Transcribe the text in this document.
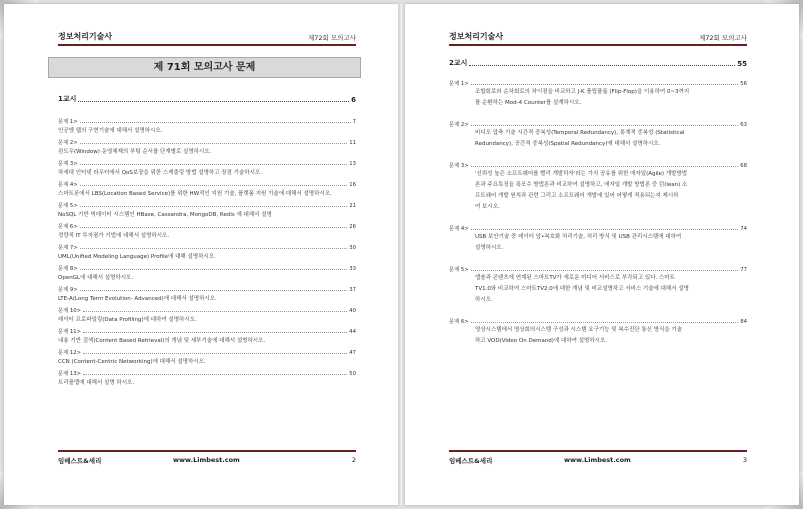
정보처리기술사	제72회 모의고사
제 71회 모의고사 문제
1교시	6
문제 1>	7
인공엠 웹의 구현기술에 대해서 설명하시오.
문제 2>	11
윈도우(Window) 운영체제의 부팅 순서를 단계별로 설명하시오.
문제 3>	13
차세대 인터넷 라우터에서 QoS보장을 위한 스케줄링 방법 설명하고 장점 기술하시오.
문제 4>	16
스마트폰에서 LBS(Location Based Service)를 위한 HW적인 지원 기술, 플랫폼 지원 기술에 대해서 설명하시오.
문제 5>	21
NoSQL 기반 빅데이터 시스템인 HBase, Cassandra, MongoDB, Redis 에 대해서 설명
문제 6>	26
정량적 IT 투자평가 기법에 대해서 설명하시오.
문제 7>	30
UML(Unified Modeling Language) Profile에 대해 설명하시오.
문제 8>	33
OpenGL에 대해서 설명하시오.
문제 9>	37
LTE-A(Long Term Evolution- Advanced)에 대해서 설명하시오.
문제 10>	40
데이터 프로파일링(Data Profiling)에 대하여 설명하시오.
문제 11>	44
내용 기반 검색(Content Based Retrieval)의 개념 및 세부기술에 대해서 설명하시오.
문제 12>	47
CCN (Content-Centric Networking)에 대해서 설명하시오.
문제 13>	50
트리플맵에 대해서 설명 하시오.
임베스트&세리	www.Limbest.com	2
정보처리기술사	제72회 모의고사
2교시	55
문제 1>	56
조합회로와 순차회로의 차이점을 비교하고 J-K 플립플롭 (Flip-Flop)을 이용하여 0~3까지
를 순환하는 Mod-4 Counter를 설계하시오.
문제 2>	63
비디오 압축 기술 시간적 중복성(Temporal Redundancy), 통계적 중복성 (Statistical
Redundancy), 공간적 중복성(Spatial Redundancy)에 대해서 설명하시오.
문제 3>	68
'신뢰성 높은 소프트웨어를 빨리 개발하자'라는 가치 공유를 위한 애자일(Agile) 개발방법
론과 주요특징을 폭포수 방법론과 비교하여 설명하고, 애자일 개발 방법론 중 린(lean) 소
프트웨어 개발 원칙과 관련 그리고 소프트웨어 개발에 있어 어떻게 적용되는지 제시하
여 보시오.
문제 4>	74
USB 보안기술 중 데이터 암•복호화 처리기술, 처리 방식 및 USB 관리시스템에 대하여
설명하시오.
문제 5>	77
앱솔과 콘텐츠에 연계된 스마트TV가 새로운 미디어 서비스로 부각되고 있다. 스마트
TV1.0와 비교하여 스마트TV2.0에 대한 개념 및 비교설명하고 서비스 기술에 대해서 설명
하시오.
문제 6>	84
영상시스템에서 영상회의시스템 구성과 시스템 요구기능 및 복수진단 통신 방식을 기술
하고 VOD(Video On Demand)에 대하여 설명하시오.
임베스트&세리	www.Limbest.com	3
